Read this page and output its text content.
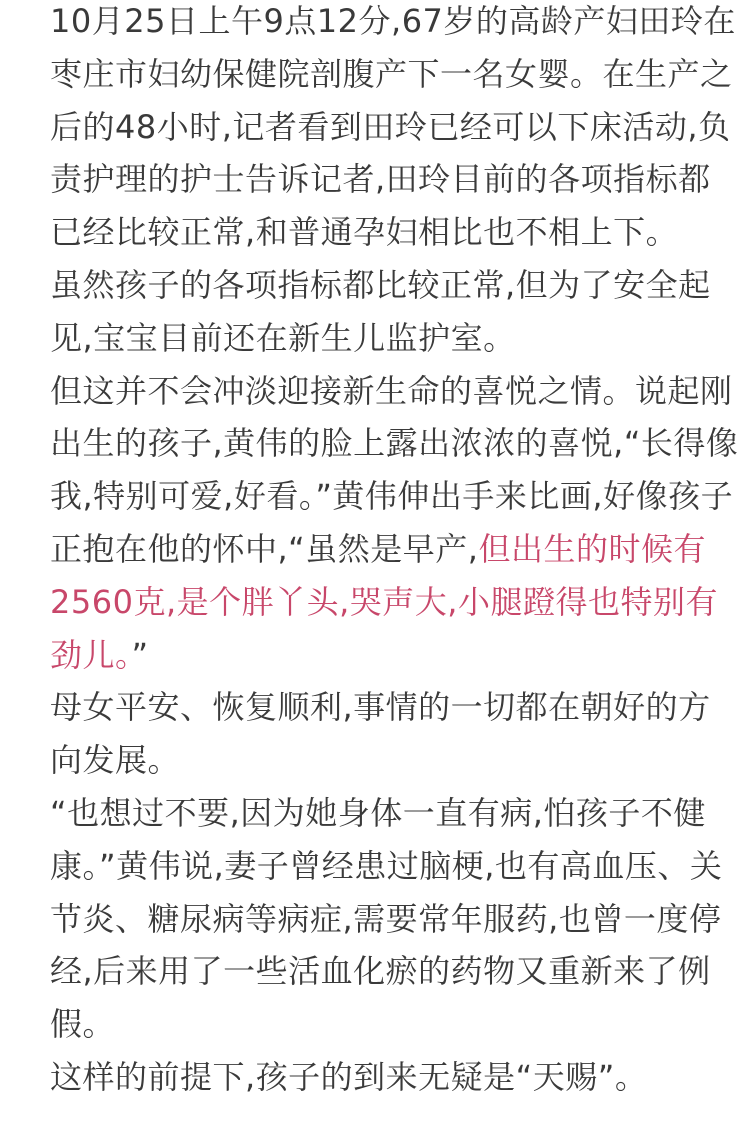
10月25日上午9点12分,67岁的高龄产妇田玲在枣庄市妇幼保健院剖腹产下一名女婴。在生产之后的48小时,记者看到田玲已经可以下床活动,负责护理的护士告诉记者,田玲目前的各项指标都已经比较正常,和普通孕妇相比也不相上下。

虽然孩子的各项指标都比较正常,但为了安全起见,宝宝目前还在新生儿监护室。

但这并不会冲淡迎接新生命的喜悦之情。说起刚出生的孩子,黄伟的脸上露出浓浓的喜悦,“长得像我,特别可爱,好看。”黄伟伸出手来比画,好像孩子正抱在他的怀中,“虽然是早产,但出生的时候有2560克,是个胖丫头,哭声大,小腿蹬得也特别有劲儿。”

母女平安、恢复顺利,事情的一切都在朝好的方向发展。

“也想过不要,因为她身体一直有病,怕孩子不健康。”黄伟说,妻子曾经患过脑梗,也有高血压、关节炎、糖尿病等病症,需要常年服药,也曾一度停经,后来用了一些活血化瘀的药物又重新来了例假。

这样的前提下,孩子的到来无疑是“天赐”。
